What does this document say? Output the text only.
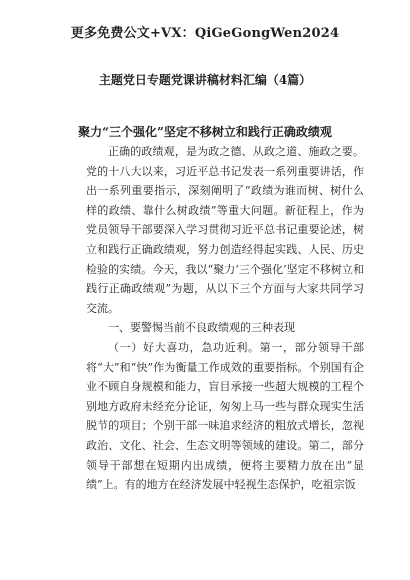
更多免费公文+VX：QiGeGongWen2024
主题党日专题党课讲稿材料汇编（4篇）
聚力“三个强化”坚定不移树立和践行正确政绩观

正确的政绩观，是为政之德、从政之道、施政之要。党的十八大以来，习近平总书记发表一系列重要讲话，作出一系列重要指示，深刻阐明了“政绩为谁而树、树什么样的政绩、靠什么树政绩”等重大问题。新征程上，作为党员领导干部要深入学习贯彻习近平总书记重要论述，树立和践行正确政绩观，努力创造经得起实践、人民、历史检验的实绩。今天，我以“聚力‘三个强化’坚定不移树立和践行正确政绩观”为题，从以下三个方面与大家共同学习交流。

一、要警惕当前不良政绩观的三种表现

（一）好大喜功，急功近利。第一，部分领导干部将“大”和“快”作为衡量工作成效的重要指标。个别国有企业不顾自身规模和能力，盲目承接一些超大规模的工程个别地方政府未经充分论证，匆匆上马一些与群众现实生活脱节的项目；个别干部一味追求经济的粗放式增长，忽视政治、文化、社会、生态文明等领域的建设。第二，部分领导干部想在短期内出成绩，便将主要精力放在出“显绩”上。有的地方在经济发展中轻视生态保护，吃祖宗饭
